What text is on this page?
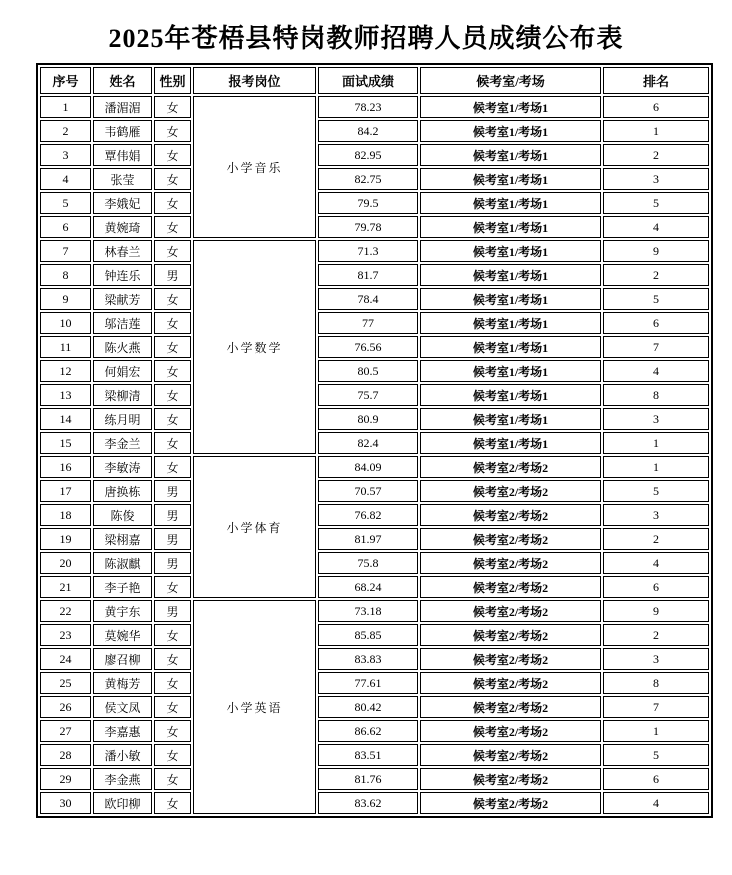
2025年苍梧县特岗教师招聘人员成绩公布表
序号	姓名	性别	报考岗位	面试成绩	候考室/考场	排名
1	潘湄湄	女	小学音乐	78.23	候考室1/考场1	6
2	韦鹤雁	女		84.2	候考室1/考场1	1
3	覃伟娟	女		82.95	候考室1/考场1	2
4	张莹	女		82.75	候考室1/考场1	3
5	李娥妃	女		79.5	候考室1/考场1	5
6	黄婉琦	女		79.78	候考室1/考场1	4
7	林春兰	女	小学数学	71.3	候考室1/考场1	9
8	钟连乐	男		81.7	候考室1/考场1	2
9	梁献芳	女		78.4	候考室1/考场1	5
10	邬洁莲	女		77	候考室1/考场1	6
11	陈火燕	女		76.56	候考室1/考场1	7
12	何娟宏	女		80.5	候考室1/考场1	4
13	梁柳清	女		75.7	候考室1/考场1	8
14	练月明	女		80.9	候考室1/考场1	3
15	李金兰	女		82.4	候考室1/考场1	1
16	李敏涛	女	小学体育	84.09	候考室2/考场2	1
17	唐换栋	男		70.57	候考室2/考场2	5
18	陈俊	男		76.82	候考室2/考场2	3
19	梁栩嘉	男		81.97	候考室2/考场2	2
20	陈淑麒	男		75.8	候考室2/考场2	4
21	李子艳	女		68.24	候考室2/考场2	6
22	黄宇东	男	小学英语	73.18	候考室2/考场2	9
23	莫婉华	女		85.85	候考室2/考场2	2
24	廖召柳	女		83.83	候考室2/考场2	3
25	黄梅芳	女		77.61	候考室2/考场2	8
26	侯文凤	女		80.42	候考室2/考场2	7
27	李嘉惠	女		86.62	候考室2/考场2	1
28	潘小敏	女		83.51	候考室2/考场2	5
29	李金燕	女		81.76	候考室2/考场2	6
30	欧印柳	女		83.62	候考室2/考场2	4
